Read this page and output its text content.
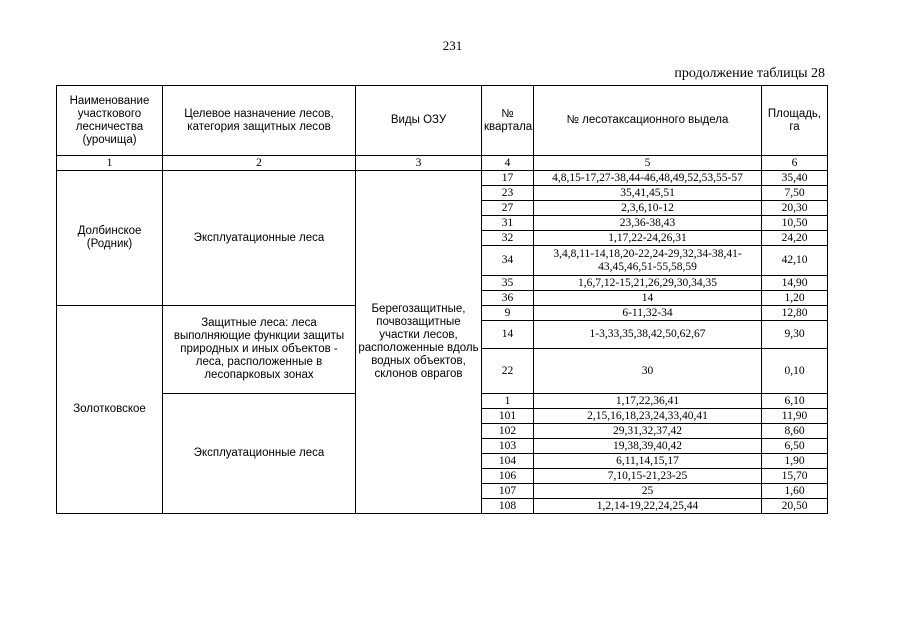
231
продолжение таблицы 28
Наименование участкового лесничества (урочища)	Целевое назначение лесов, категория защитных лесов	Виды ОЗУ	№ квартала	№ лесотаксационного выдела	Площадь, га
1	2	3	4	5	6
Долбинское (Родник)	Эксплуатационные леса	Берегозащитные, почвозащитные участки лесов, расположенные вдоль водных объектов, склонов оврагов	17	4,8,15-17,27-38,44-46,48,49,52,53,55-57	35,40
			23	35,41,45,51	7,50
			27	2,3,6,10-12	20,30
			31	23,36-38,43	10,50
			32	1,17,22-24,26,31	24,20
			34	3,4,8,11-14,18,20-22,24-29,32,34-38,41-43,45,46,51-55,58,59	42,10
			35	1,6,7,12-15,21,26,29,30,34,35	14,90
			36	14	1,20
Золотковское	Защитные леса: леса выполняющие функции защиты природных и иных объектов - леса, расположенные в лесопарковых зонах		9	6-11,32-34	12,80
			14	1-3,33,35,38,42,50,62,67	9,30
			22	30	0,10
	Эксплуатационные леса		1	1,17,22,36,41	6,10
			101	2,15,16,18,23,24,33,40,41	11,90
			102	29,31,32,37,42	8,60
			103	19,38,39,40,42	6,50
			104	6,11,14,15,17	1,90
			106	7,10,15-21,23-25	15,70
			107	25	1,60
			108	1,2,14-19,22,24,25,44	20,50
